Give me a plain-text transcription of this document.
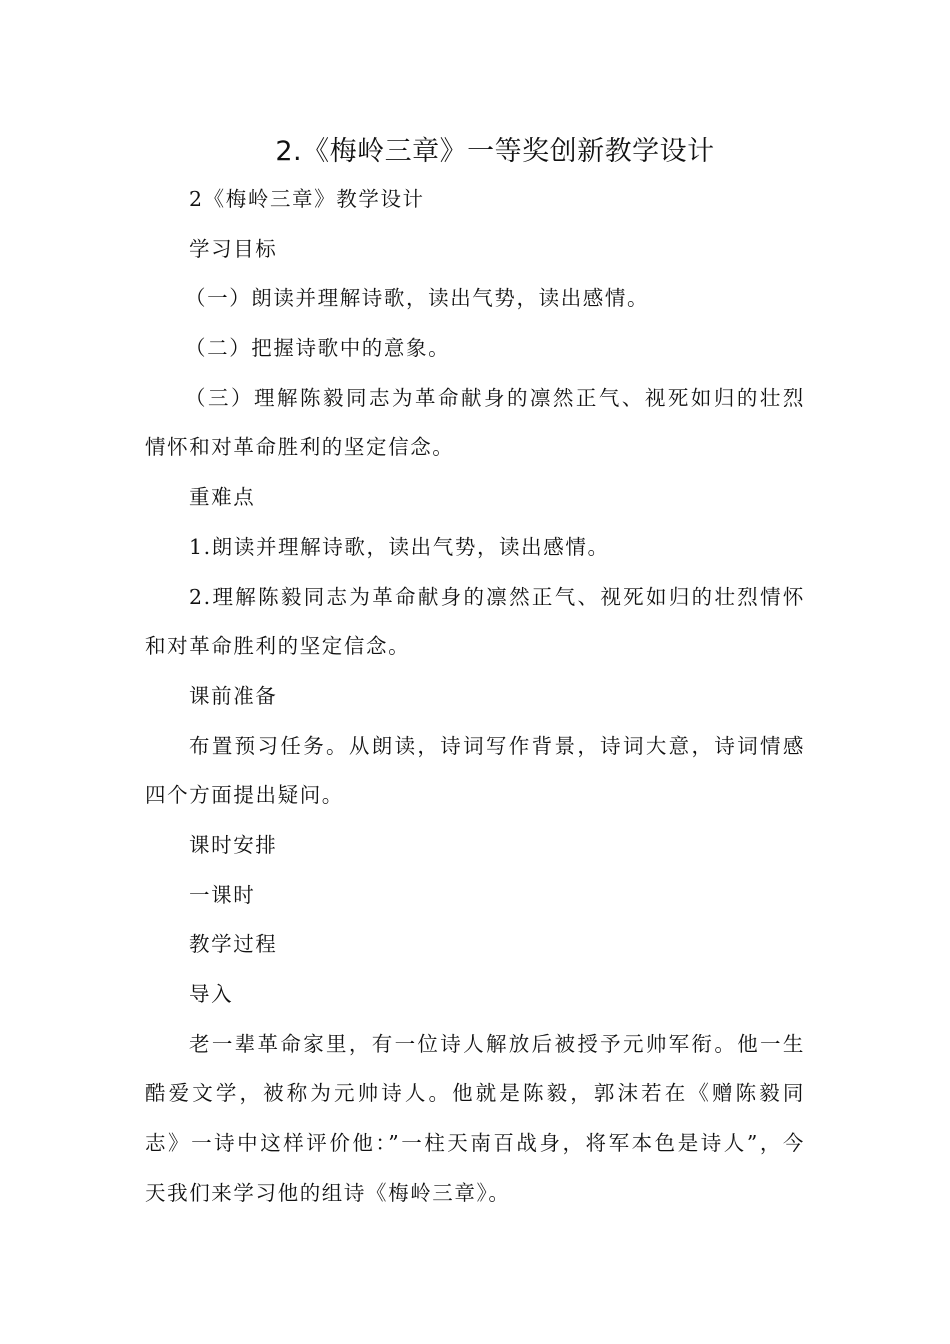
2.《梅岭三章》一等奖创新教学设计
2《梅岭三章》教学设计
学习目标
（一）朗读并理解诗歌，读出气势，读出感情。
（二）把握诗歌中的意象。
（三）理解陈毅同志为革命献身的凛然正气、视死如归的壮烈
情怀和对革命胜利的坚定信念。
重难点
1.朗读并理解诗歌，读出气势，读出感情。
2.理解陈毅同志为革命献身的凛然正气、视死如归的壮烈情怀
和对革命胜利的坚定信念。
课前准备
布置预习任务。从朗读，诗词写作背景，诗词大意，诗词情感
四个方面提出疑问。
课时安排
一课时
教学过程
导入
老一辈革命家里，有一位诗人解放后被授予元帅军衔。他一生
酷爱文学，被称为元帅诗人。他就是陈毅，郭沫若在《赠陈毅同
志》一诗中这样评价他：”一柱天南百战身，将军本色是诗人”，今
天我们来学习他的组诗《梅岭三章》。
